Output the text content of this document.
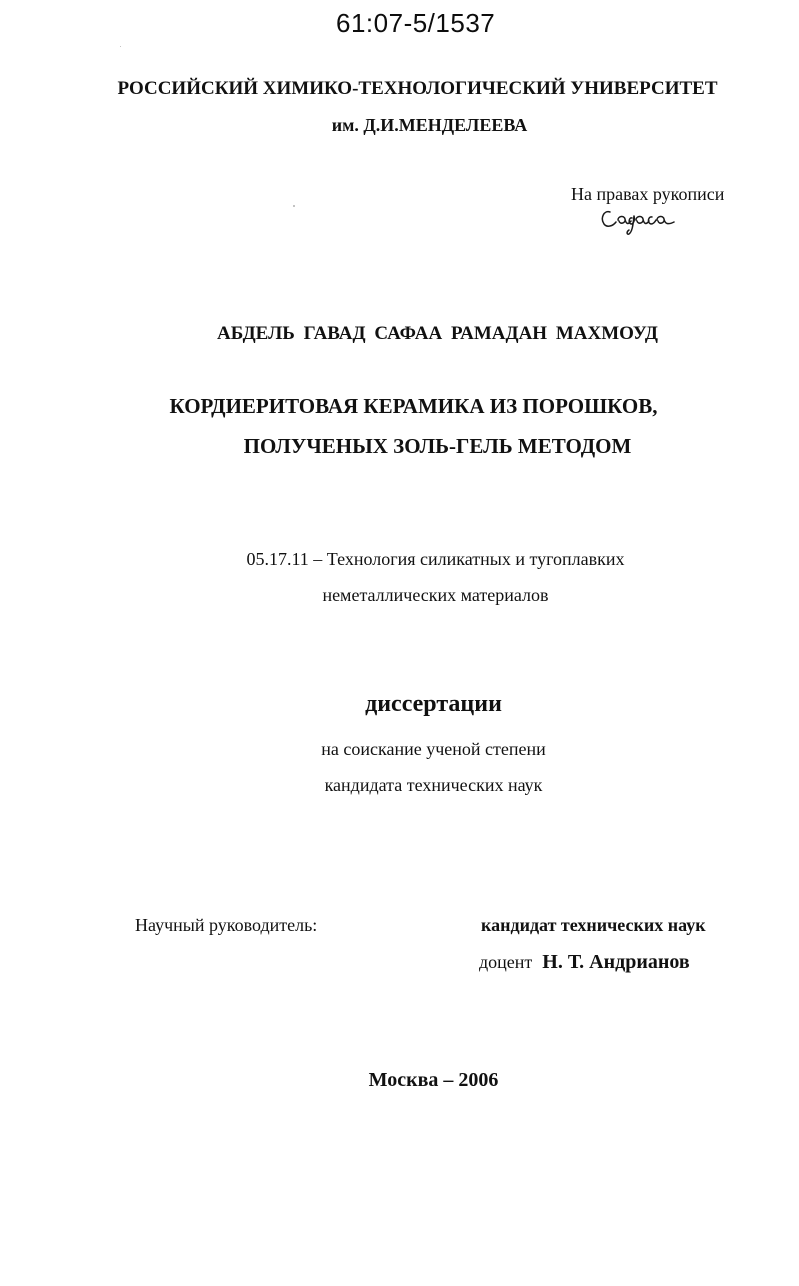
61:07-5/1537
РОССИЙСКИЙ ХИМИКО-ТЕХНОЛОГИЧЕСКИЙ УНИВЕРСИТЕТ
им. Д.И.МЕНДЕЛЕЕВА
На правах рукописи
АБДЕЛЬ ГАВАД САФАА РАМАДАН МАХМОУД
КОРДИЕРИТОВАЯ КЕРАМИКА ИЗ ПОРОШКОВ,
ПОЛУЧЕНЫХ ЗОЛЬ-ГЕЛЬ МЕТОДОМ
05.17.11 – Технология силикатных и тугоплавких
неметаллических материалов
диссертации
на соискание ученой степени
кандидата технических наук
Научный руководитель:	кандидат технических наук
доцент Н. Т. Андрианов
Москва – 2006
